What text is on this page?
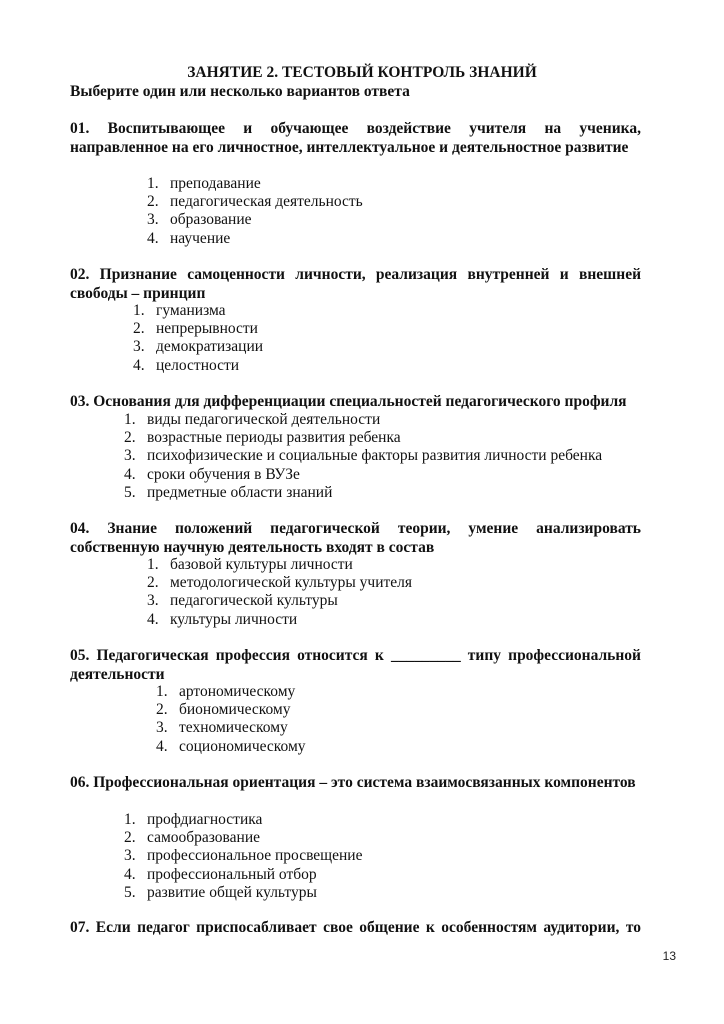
ЗАНЯТИЕ 2. ТЕСТОВЫЙ КОНТРОЛЬ ЗНАНИЙ
Выберите один или несколько вариантов ответа

01. Воспитывающее и обучающее воздействие учителя на ученика, направленное на его личностное, интеллектуальное и деятельностное развитие

1. преподавание
2. педагогическая деятельность
3. образование
4. научение

02. Признание самоценности личности, реализация внутренней и внешней свободы – принцип

1. гуманизма
2. непрерывности
3. демократизации
4. целостности

03. Основания для дифференциации специальностей педагогического профиля

1. виды педагогической деятельности
2. возрастные периоды развития ребенка
3. психофизические и социальные факторы развития личности ребенка
4. сроки обучения в ВУЗе
5. предметные области знаний

04. Знание положений педагогической теории, умение анализировать собственную научную деятельность входят в состав

1. базовой культуры личности
2. методологической культуры учителя
3. педагогической культуры
4. культуры личности

05. Педагогическая профессия относится к _________ типу профессиональной деятельности

1. артономическому
2. биономическому
3. техномическому
4. социономическому

06. Профессиональная ориентация – это система взаимосвязанных компонентов

1. профдиагностика
2. самообразование
3. профессиональное просвещение
4. профессиональный отбор
5. развитие общей культуры

07. Если педагог приспосабливает свое общение к особенностям аудитории, то

13
